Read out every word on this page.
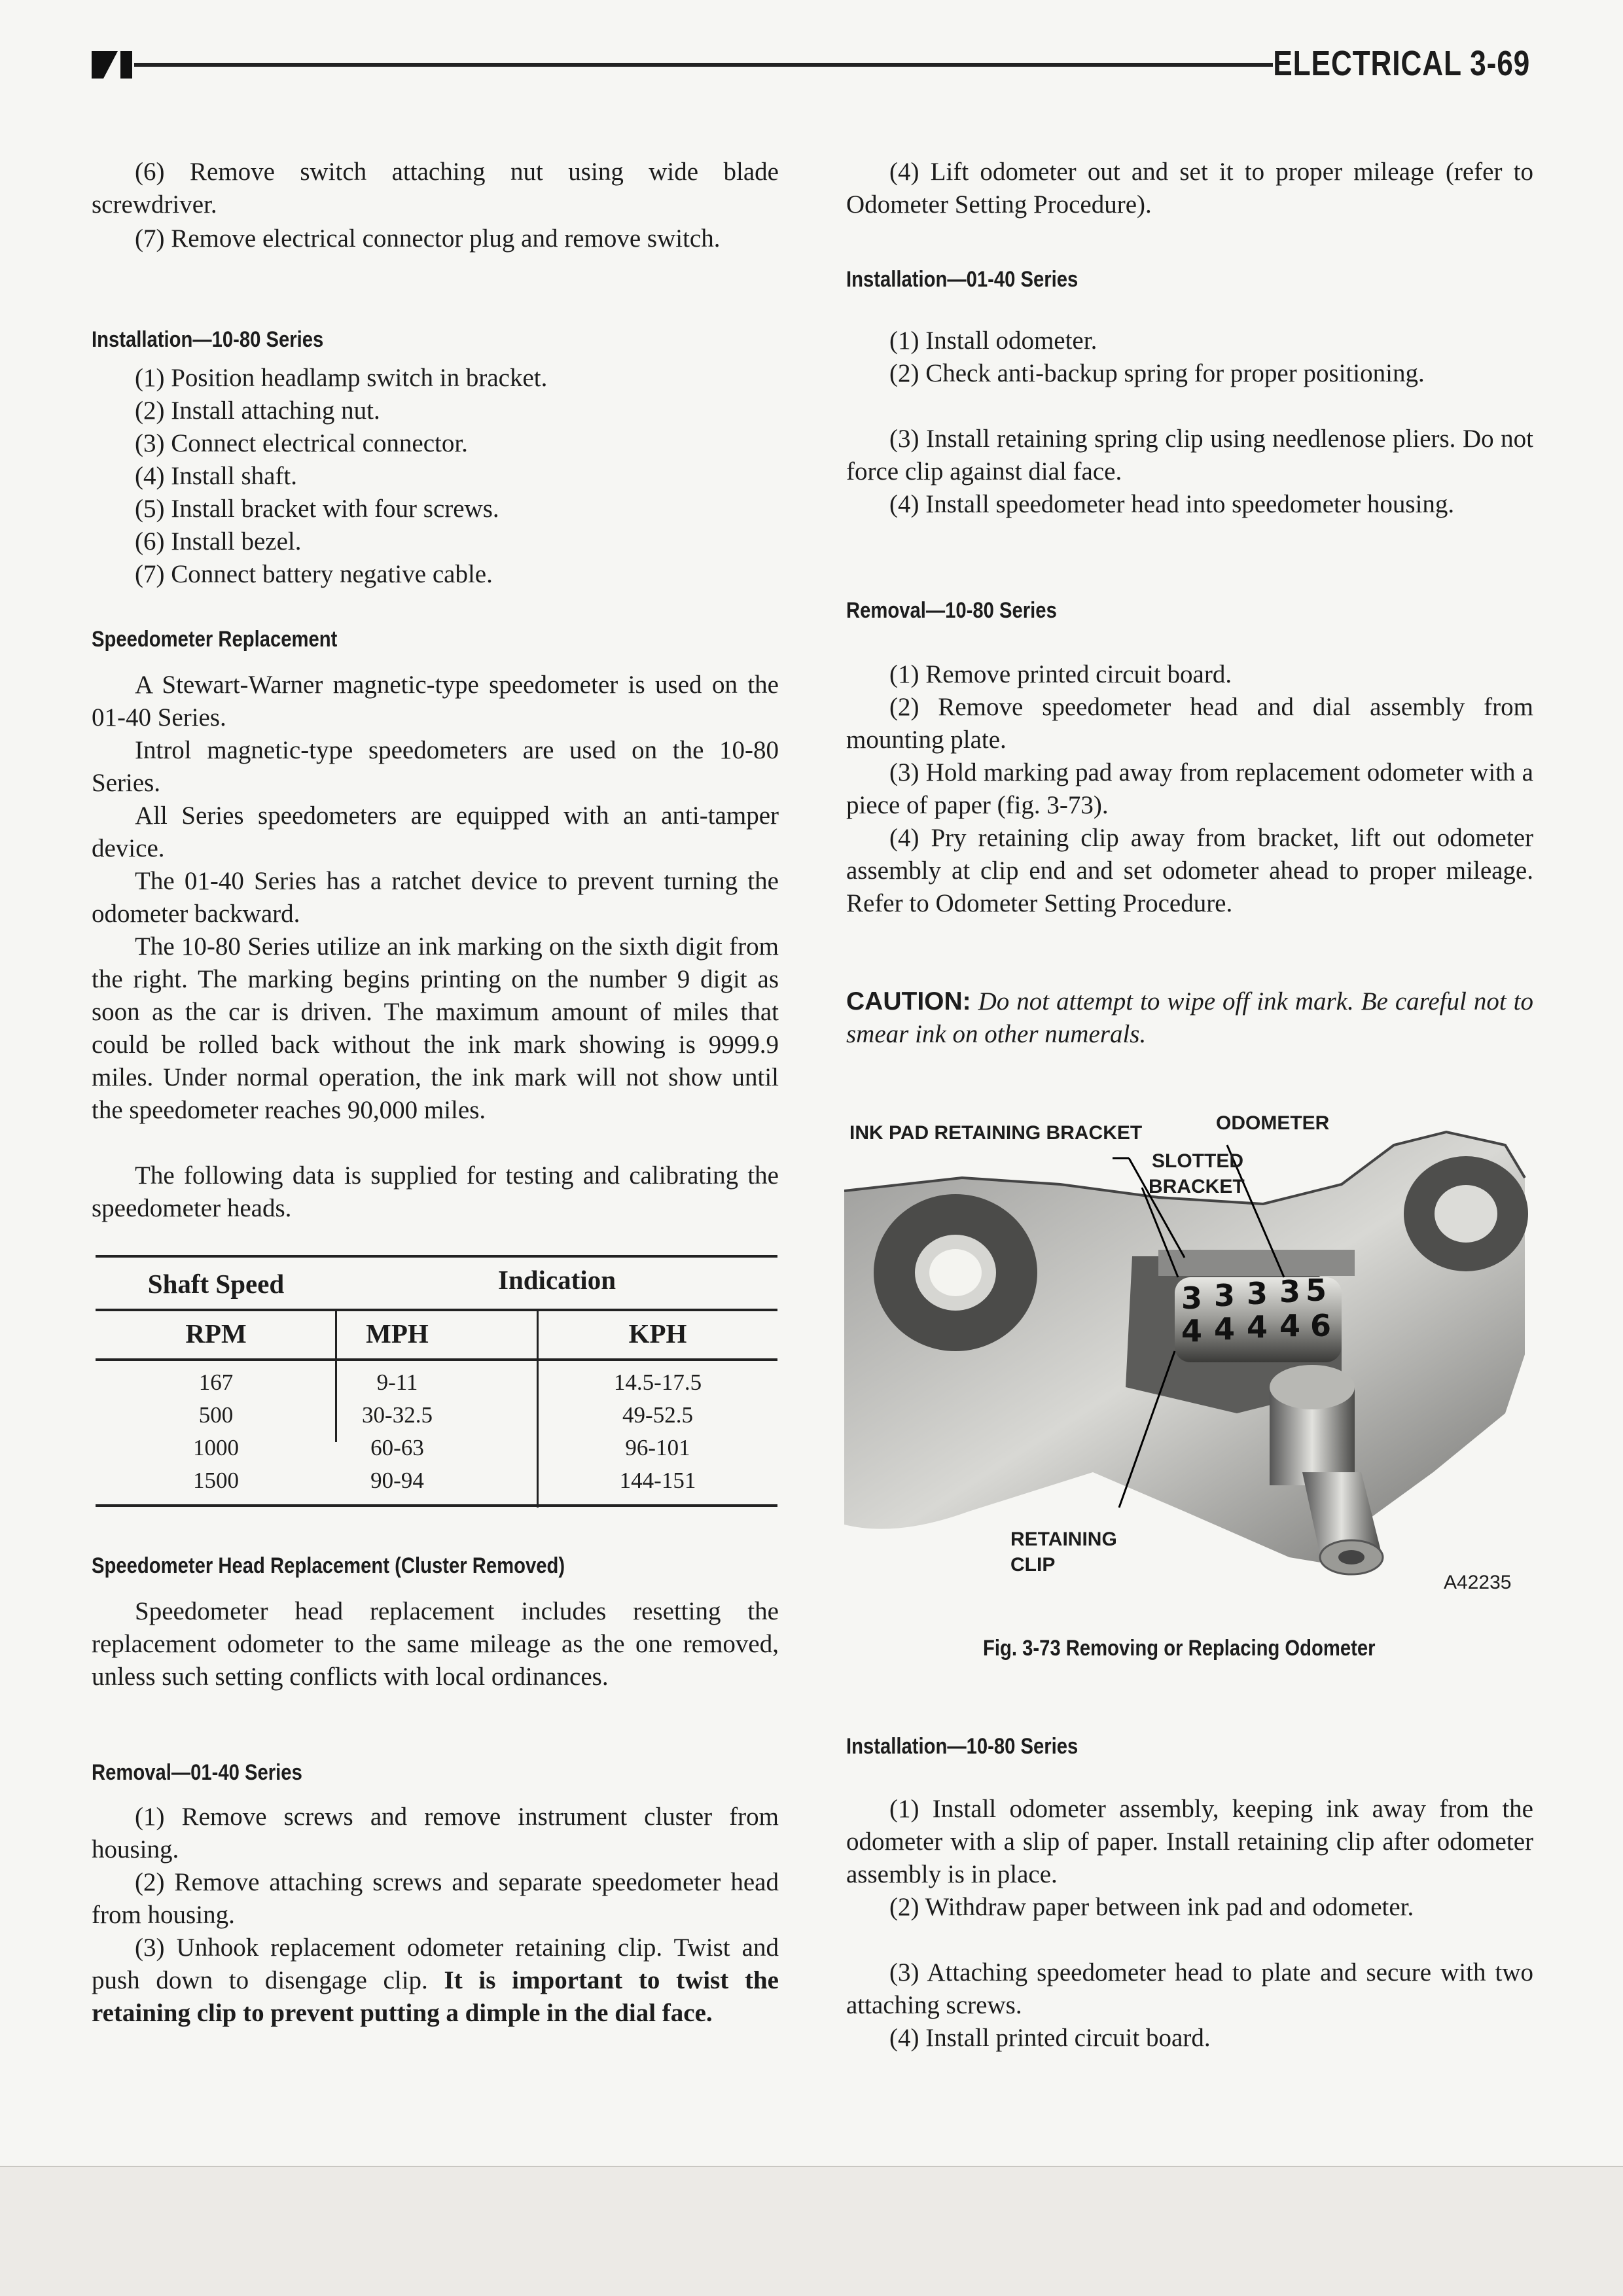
ELECTRICAL 3-69

(6) Remove switch attaching nut using wide blade screwdriver.

(7) Remove electrical connector plug and remove switch.

Installation—10-80 Series
(1) Position headlamp switch in bracket.
(2) Install attaching nut.
(3) Connect electrical connector.
(4) Install shaft.
(5) Install bracket with four screws.
(6) Install bezel.
(7) Connect battery negative cable.
Speedometer Replacement

A Stewart-Warner magnetic-type speedometer is used on the 01-40 Series.

Introl magnetic-type speedometers are used on the 10-80 Series.

All Series speedometers are equipped with an anti-tamper device.

The 01-40 Series has a ratchet device to prevent turning the odometer backward.

The 10-80 Series utilize an ink marking on the sixth digit from the right. The marking begins printing on the number 9 digit as soon as the car is driven. The maximum amount of miles that could be rolled back without the ink mark showing is 9999.9 miles. Under normal operation, the ink mark will not show until the speedometer reaches 90,000 miles.

The following data is supplied for testing and calibrating the speedometer heads.

Shaft Speed	Indication
RPM	MPH	KPH
167	9-11	14.5-17.5
500	30-32.5	49-52.5
1000	60-63	96-101
1500	90-94	144-151
Speedometer Head Replacement (Cluster Removed)

Speedometer head replacement includes resetting the replacement odometer to the same mileage as the one removed, unless such setting conflicts with local ordinances.

Removal—01-40 Series

(1) Remove screws and remove instrument cluster from housing.

(2) Remove attaching screws and separate speedometer head from housing.

(3) Unhook replacement odometer retaining clip. Twist and push down to disengage clip. It is important to twist the retaining clip to prevent putting a dimple in the dial face.

(4) Lift odometer out and set it to proper mileage (refer to Odometer Setting Procedure).

Installation—01-40 Series

(1) Install odometer.

(2) Check anti-backup spring for proper positioning.

(3) Install retaining spring clip using needlenose pliers. Do not force clip against dial face.

(4) Install speedometer head into speedometer housing.

Removal—10-80 Series

(1) Remove printed circuit board.

(2) Remove speedometer head and dial assembly from mounting plate.

(3) Hold marking pad away from replacement odometer with a piece of paper (fig. 3-73).

(4) Pry retaining clip away from bracket, lift out odometer assembly at clip end and set odometer ahead to proper mileage. Refer to Odometer Setting Procedure.

CAUTION: Do not attempt to wipe off ink mark. Be careful not to smear ink on other numerals.

3 3 3 3 5
4 4 4 4 6
INK PAD RETAINING BRACKET	ODOMETER
SLOTTED
BRACKET
RETAINING
CLIP
A42235
Fig. 3-73 Removing or Replacing Odometer
Installation—10-80 Series

(1) Install odometer assembly, keeping ink away from the odometer with a slip of paper. Install retaining clip after odometer assembly is in place.

(2) Withdraw paper between ink pad and odometer.

(3) Attaching speedometer head to plate and secure with two attaching screws.

(4) Install printed circuit board.
